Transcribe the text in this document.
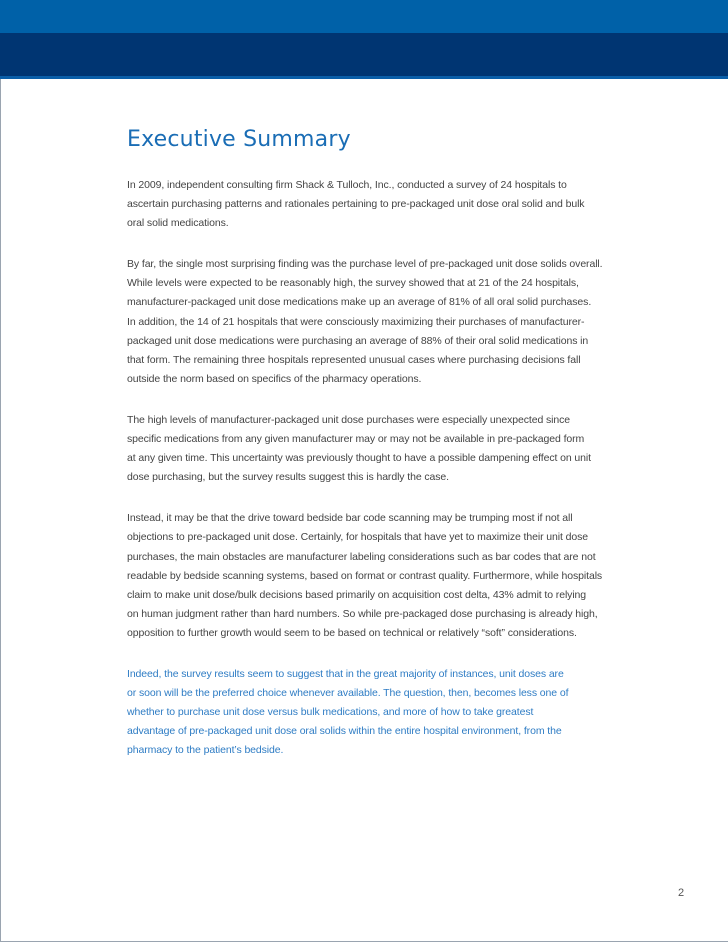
Executive Summary

In 2009, independent consulting firm Shack & Tulloch, Inc., conducted a survey of 24 hospitals to
ascertain purchasing patterns and rationales pertaining to pre-packaged unit dose oral solid and bulk
oral solid medications.

By far, the single most surprising finding was the purchase level of pre-packaged unit dose solids overall.
While levels were expected to be reasonably high, the survey showed that at 21 of the 24 hospitals,
manufacturer-packaged unit dose medications make up an average of 81% of all oral solid purchases.
In addition, the 14 of 21 hospitals that were consciously maximizing their purchases of manufacturer-
packaged unit dose medications were purchasing an average of 88% of their oral solid medications in
that form. The remaining three hospitals represented unusual cases where purchasing decisions fall
outside the norm based on specifics of the pharmacy operations.

The high levels of manufacturer-packaged unit dose purchases were especially unexpected since
specific medications from any given manufacturer may or may not be available in pre-packaged form
at any given time. This uncertainty was previously thought to have a possible dampening effect on unit
dose purchasing, but the survey results suggest this is hardly the case.

Instead, it may be that the drive toward bedside bar code scanning may be trumping most if not all
objections to pre-packaged unit dose. Certainly, for hospitals that have yet to maximize their unit dose
purchases, the main obstacles are manufacturer labeling considerations such as bar codes that are not
readable by bedside scanning systems, based on format or contrast quality. Furthermore, while hospitals
claim to make unit dose/bulk decisions based primarily on acquisition cost delta, 43% admit to relying
on human judgment rather than hard numbers. So while pre-packaged dose purchasing is already high,
opposition to further growth would seem to be based on technical or relatively “soft” considerations.

Indeed, the survey results seem to suggest that in the great majority of instances, unit doses are
or soon will be the preferred choice whenever available. The question, then, becomes less one of
whether to purchase unit dose versus bulk medications, and more of how to take greatest
advantage of pre-packaged unit dose oral solids within the entire hospital environment, from the
pharmacy to the patient’s bedside.

2
